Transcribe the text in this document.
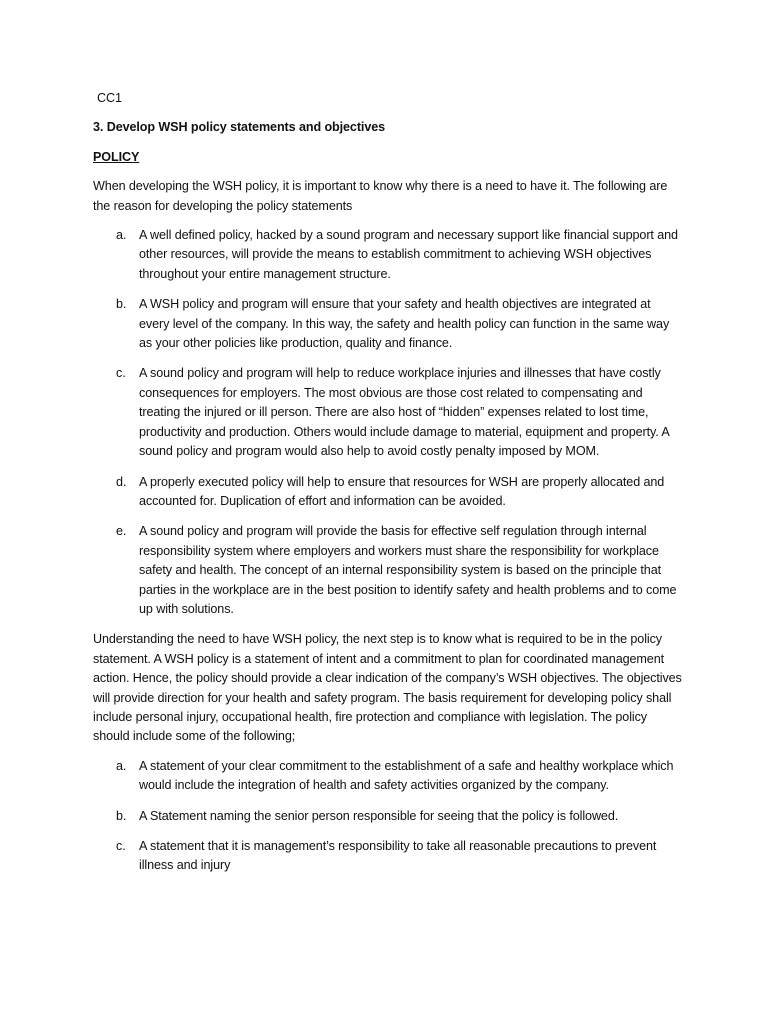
CC1
3. Develop WSH policy statements and objectives
POLICY

When developing the WSH policy, it is important to know why there is a need to have it. The following are the reason for developing the policy statements

a. A well defined policy, hacked by a sound program and necessary support like financial support and other resources, will provide the means to establish commitment to achieving WSH objectives throughout your entire management structure.
b. A WSH policy and program will ensure that your safety and health objectives are integrated at every level of the company. In this way, the safety and health policy can function in the same way as your other policies like production, quality and finance.
c. A sound policy and program will help to reduce workplace injuries and illnesses that have costly consequences for employers. The most obvious are those cost related to compensating and treating the injured or ill person. There are also host of “hidden” expenses related to lost time, productivity and production. Others would include damage to material, equipment and property. A sound policy and program would also help to avoid costly penalty imposed by MOM.
d. A properly executed policy will help to ensure that resources for WSH are properly allocated and accounted for. Duplication of effort and information can be avoided.
e. A sound policy and program will provide the basis for effective self regulation through internal responsibility system where employers and workers must share the responsibility for workplace safety and health. The concept of an internal responsibility system is based on the principle that parties in the workplace are in the best position to identify safety and health problems and to come up with solutions.

Understanding the need to have WSH policy, the next step is to know what is required to be in the policy statement. A WSH policy is a statement of intent and a commitment to plan for coordinated management action. Hence, the policy should provide a clear indication of the company’s WSH objectives. The objectives will provide direction for your health and safety program. The basis requirement for developing policy shall include personal injury, occupational health, fire protection and compliance with legislation. The policy should include some of the following;

a. A statement of your clear commitment to the establishment of a safe and healthy workplace which would include the integration of health and safety activities organized by the company.
b. A Statement naming the senior person responsible for seeing that the policy is followed.
c. A statement that it is management’s responsibility to take all reasonable precautions to prevent illness and injury
